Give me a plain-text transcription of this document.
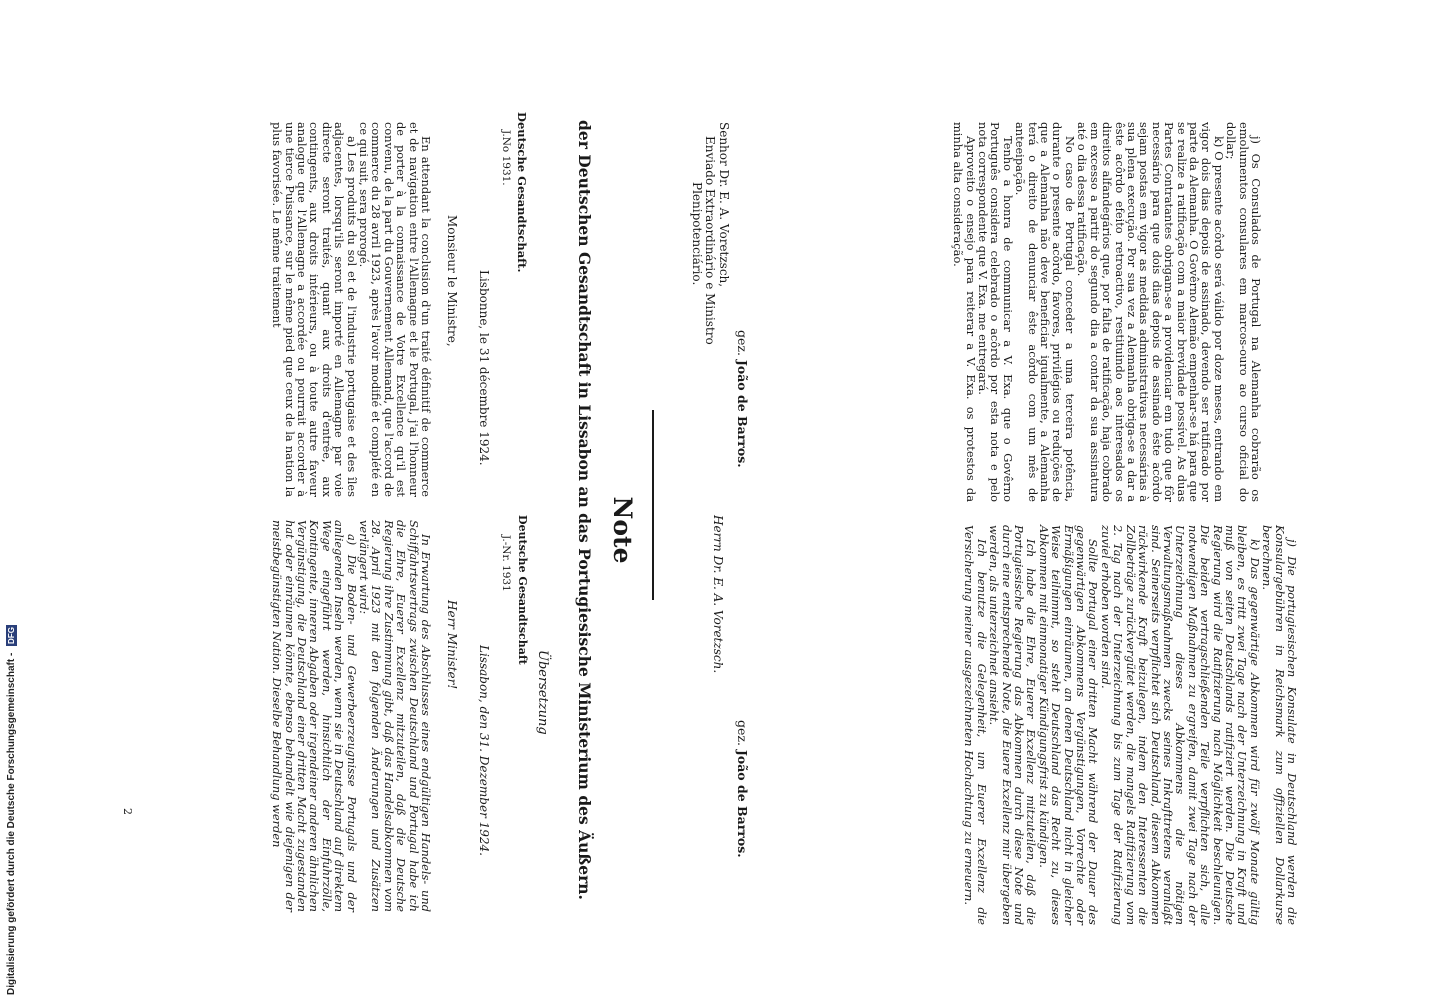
j) Os Consulados de Portugal na Alemanha cobrarão os emolumentos consulares em marcos-ouro ao curso oficial do dollar;

k) O presente acôrdo será válido por doze meses, entrando em vigor dois dias depois de assinado, devendo ser ratificado por parte da Alemanha. O Govêrno Alemão empenhar-se há para que se realize a ratificação com a maior brevidade possível. As duas Partes Contratantes obrigam-se a providenciar em tudo que fôr necessário para que dois dias depois de assinado êste acôrdo sejam postas em vigor as medidas administrativas necessárias à sua plena execução. Por sua vez a Alemanha obriga-se a dar a êste acôrdo efeito retroactivo, restituindo aos interesados os direitos alfandegários que, por falta de ratificação, haja cobrado em excesso a partir do segundo dia a contar da sua assinatura até o dia dessa ratificação.

No caso de Portugal conceder a uma terceira potência, durante o presente acôrdo, favores, privilégios ou reduções de que a Alemanha não deve beneficiar igualmente, a Alemanha terá o direito de denunciar êste acôrdo com um mês de anteeipação.

Tenho a honra de communicar a V. Exa. que o Govêrno Português considera celebrado o acôrdo por esta nota e pelo nota correspondente que V. Exa. me entregará.

Aproveito o ensejo para reiterar a V. Exa. os protestos da minha alta consideração.

gez. João de Barros.
Senhor Dr. E. A. Voretzsch,
Enviado Extraordinário e Ministro
Plenipotenciário.

j) Die portugiesischen Konsulate in Deutschland werden die Konsulargebühren in Reichsmark zum offiziellen Dollarkurse berechnen.

k) Das gegenwärtige Abkommen wird für zwölf Monate gültig bleiben, es tritt zwei Tage nach der Unterzeichnung in Kraft und muß von seiten Deutschlands ratifiziert werden. Die Deutsche Regierung wird die Ratifizierung nach Möglichkeit beschleunigen. Die beiden vertragschließenden Teile verpflichten sich, alle notwendigen Maßnahmen zu ergreifen, damit zwei Tage nach der Unterzeichnung dieses Abkommens die nötigen Verwaltungsmaßnahmen zwecks seines Inkrafttretens veranlaßt sind. Seinerseits verpflichtet sich Deutschland, diesem Abkommen rückwirkende Kraft beizulegen, indem den Interessenten die Zollbeträge zurückvergütet werden, die mangels Ratifizierung vom 2. Tag nach der Unterzeichnung bis zum Tage der Ratifizierung zuviel erhoben worden sind.

Sollte Portugal einer dritten Macht während der Dauer des gegenwärtigen Abkommens Vergünstigungen, Vorrechte oder Ermäßigungen einräumen, an denen Deutschland nicht in gleicher Weise teilnimmt, so steht Deutschland das Recht zu, dieses Abkommen mit einmonatiger Kündigungsfrist zu kündigen.

Ich habe die Ehre, Euerer Exzellenz mitzuteilen, daß die Portugiesische Regierung das Abkommen durch diese Note und durch eine entsprechende Note, die Euere Exzellenz mir übergeben werden, als unterzeichnet ansieht.

Ich benutze die Gelegenheit, um Euerer Exzellenz die Versicherung meiner ausgezeichneten Hochachtung zu erneuern.

gez. João de Barros.
Herrn Dr. E. A. Voretzsch.
Note
der Deutschen Gesandtschaft in Lissabon an das Portugiesische Ministerium des Äußern.
Deutsche Gesandtschaft.
J.No 1931.
Lisbonne, le 31 décembre 1924.
Monsieur le Ministre,

En attendant la conclusion d'un traité définitif de commerce et de navigation entre l'Allemagne et le Portugal, j'ai l'honneur de porter à la connaissance de Votre Excellence qu'il est convenu, de la part du Gouvernement Allemand, que l'accord de commerce du 28 avril 1923, après l'avoir modifié et complété en ce qui suit, sera prorogé.

a) Les produits du sol et de l'industrie portugaise et des îles adjacentes, lorsqu'ils seront importé en Allemagne par voie directe seront traités, quant aux droits d'entrée, aux contingents, aux droits intérieurs, ou à toute autre faveur analogue que l'Allemagne a accordée ou pourrait accorder à une tierce Puissance, sur le même pied que ceux de la nation la plus favorisée. Le même traitement

Übersetzung
Deutsche Gesandtschaft
J.-Nr. 1931
Lissabon, den 31. Dezember 1924.
Herr Minister!

In Erwartung des Abschlusses eines endgültigen Handels- und Schiffahrtsvertrags zwischen Deutschland und Portugal habe ich die Ehre, Euerer Exzellenz mitzuteilen, daß die Deutsche Regierung ihre Zustimmung gibt, daß das Handelsabkommen vom 28. April 1923 mit den folgenden Änderungen und Zusätzen verlängert wird:

a) Die Boden- und Gewerbeerzeugnisse Portugals und der anliegenden Inseln werden, wenn sie in Deutschland auf direktem Wege eingeführt werden, hinsichtlich der Einfuhrzölle, Kontingente, inneren Abgaben oder irgendeiner anderen ähnlichen Vergünstigung, die Deutschland einer dritten Macht zugestanden hat oder einräumen könnte, ebenso behandelt wie diejenigen der meistbegünstigten Nation. Dieselbe Behandlung werden

2
Digitalisierung gefördert durch die Deutsche Forschungsgemeinschaft - DFG
